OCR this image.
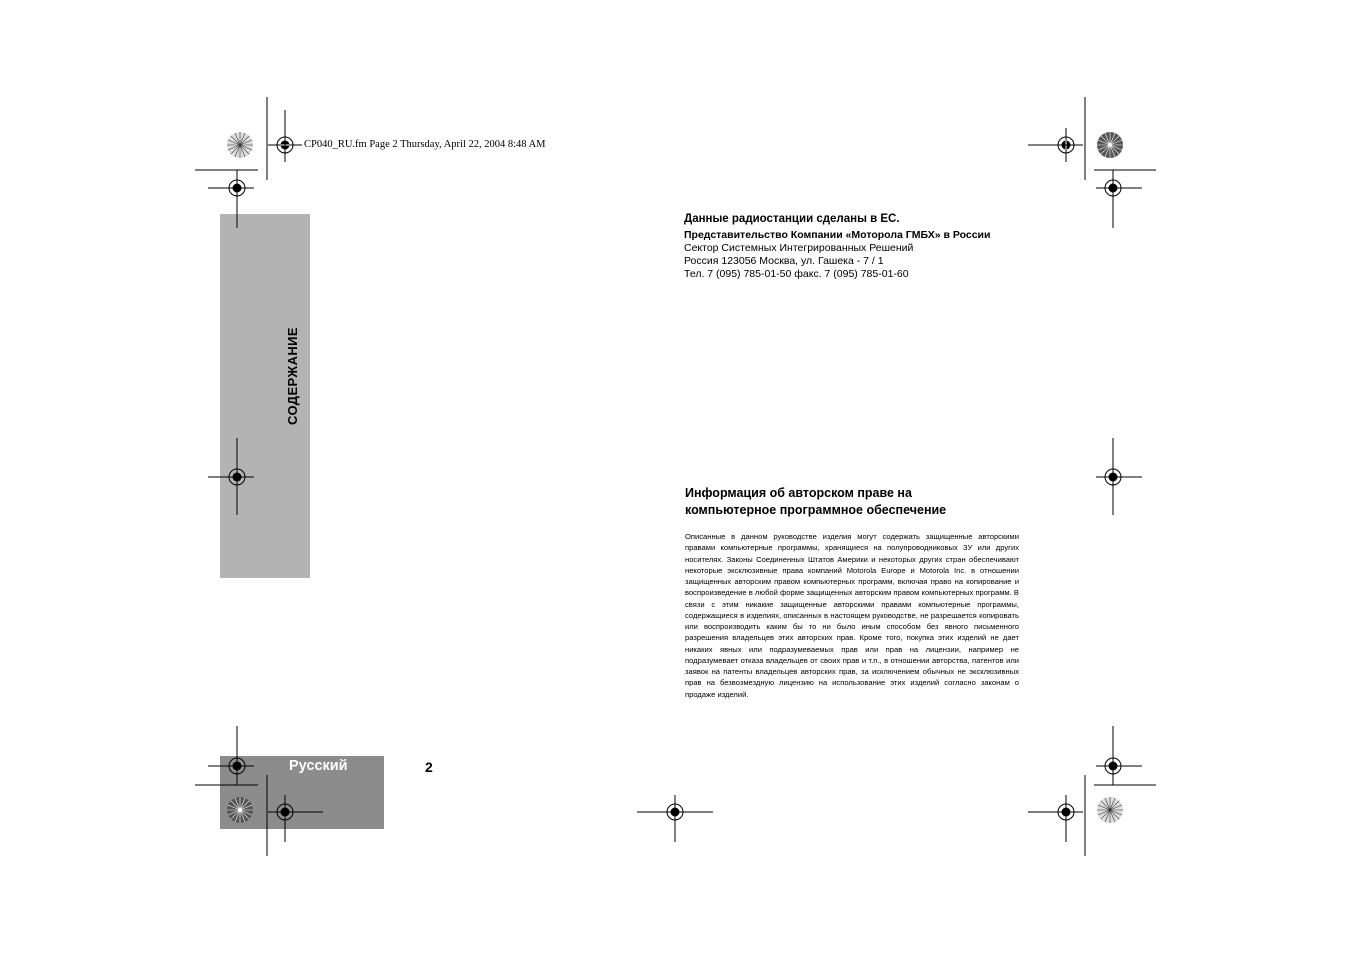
CP040_RU.fm Page 2 Thursday, April 22, 2004 8:48 AM
СОДЕРЖАНИЕ
Русский	2
Данные радиостанции сделаны в ЕС.
Представительство Компании «Моторола ГМБХ» в России
Сектор Систeмных Интегpиpованных Решений
Россия 123056 Москва, ул. Гашека - 7 / 1
Тел. 7 (095) 785-01-50 факс. 7 (095) 785-01-60
Информация об авторском праве на
компьютерное программное обеспечение
Описанные в данном руководстве изделия могут содержать защищенные авторскими правами компьютерные программы, хранящиеся на полупроводниковых ЗУ или других носителях. Законы Соединенных Штатов Америки и некоторых других стран обеспечивают некоторые эксклюзивные права компаний Motorola Europe и Motorola Inc. в отношении защищенных авторским правом компьютерных программ, включая право на копирование и воспроизведение в любой форме защищенных авторским правом компьютерных программ. В связи с этим никакие защищенные авторскими правами компьютерные программы, содержащиеся в изделиях, описанных в настоящем руководстве, не разрешается копировать или воспроизводить каким бы то ни было иным способом без явного письменного разрешения владельцев этих авторских прав. Кроме того, покупка этих изделий не дает никаких явных или подразумеваемых прав или прав на лицензии, например не подразумевает отказа владельцев от своих прав и т.п., в отношении авторства, патентов или заявок на патенты владельцев авторских прав, за исключением обычных не эксклюзивных прав на безвозмездную лицензию на использование этих изделий согласно законам о продаже изделий.
